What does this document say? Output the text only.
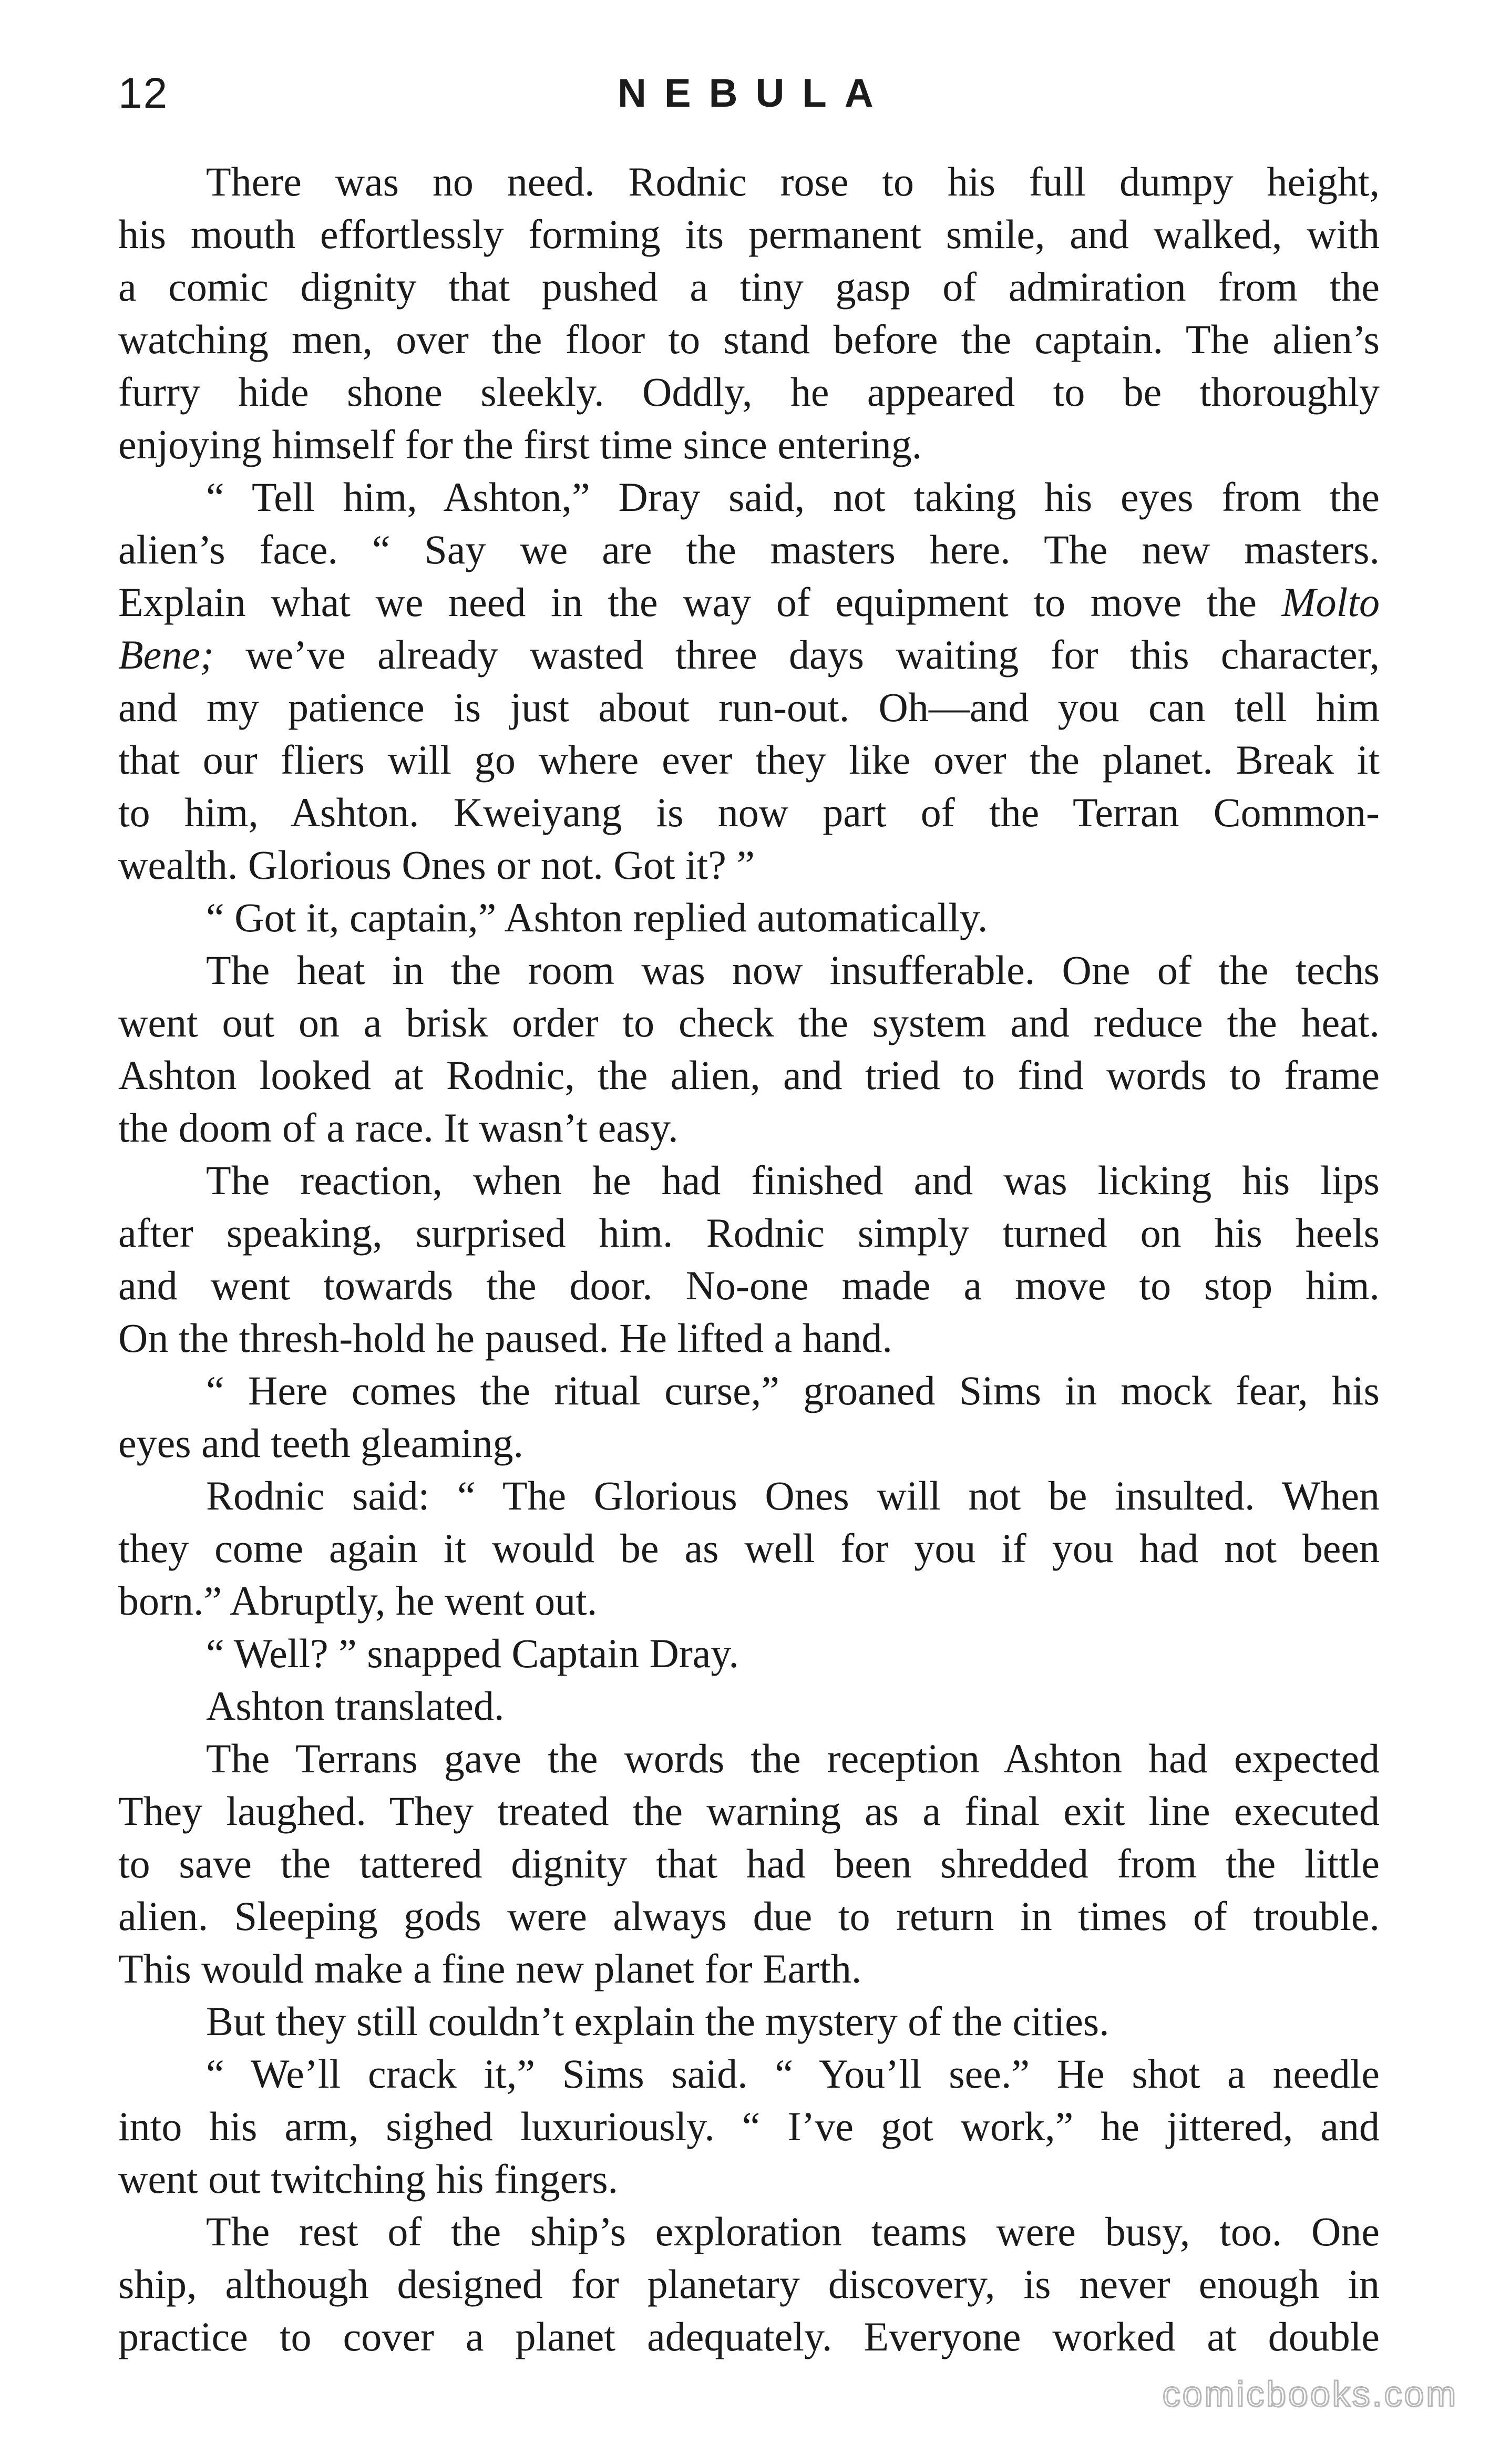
12	NEBULA
There was no need. Rodnic rose to his full dumpy height,
his mouth effortlessly forming its permanent smile, and walked, with
a comic dignity that pushed a tiny gasp of admiration from the
watching men, over the floor to stand before the captain. The alien’s
furry hide shone sleekly. Oddly, he appeared to be thoroughly
enjoying himself for the first time since entering.
“ Tell him, Ashton,” Dray said, not taking his eyes from the
alien’s face. “ Say we are the masters here. The new masters.
Explain what we need in the way of equipment to move the Molto
Bene; we’ve already wasted three days waiting for this character,
and my patience is just about run-out. Oh—and you can tell him
that our fliers will go where ever they like over the planet. Break it
to him, Ashton. Kweiyang is now part of the Terran Common-
wealth. Glorious Ones or not. Got it? ”
“ Got it, captain,” Ashton replied automatically.
The heat in the room was now insufferable. One of the techs
went out on a brisk order to check the system and reduce the heat.
Ashton looked at Rodnic, the alien, and tried to find words to frame
the doom of a race. It wasn’t easy.
The reaction, when he had finished and was licking his lips
after speaking, surprised him. Rodnic simply turned on his heels
and went towards the door. No-one made a move to stop him.
On the thresh-hold he paused. He lifted a hand.
“ Here comes the ritual curse,” groaned Sims in mock fear, his
eyes and teeth gleaming.
Rodnic said: “ The Glorious Ones will not be insulted. When
they come again it would be as well for you if you had not been
born.” Abruptly, he went out.
“ Well? ” snapped Captain Dray.
Ashton translated.
The Terrans gave the words the reception Ashton had expected
They laughed. They treated the warning as a final exit line executed
to save the tattered dignity that had been shredded from the little
alien. Sleeping gods were always due to return in times of trouble.
This would make a fine new planet for Earth.
But they still couldn’t explain the mystery of the cities.
“ We’ll crack it,” Sims said. “ You’ll see.” He shot a needle
into his arm, sighed luxuriously. “ I’ve got work,” he jittered, and
went out twitching his fingers.
The rest of the ship’s exploration teams were busy, too. One
ship, although designed for planetary discovery, is never enough in
practice to cover a planet adequately. Everyone worked at double
comicbooks.com
